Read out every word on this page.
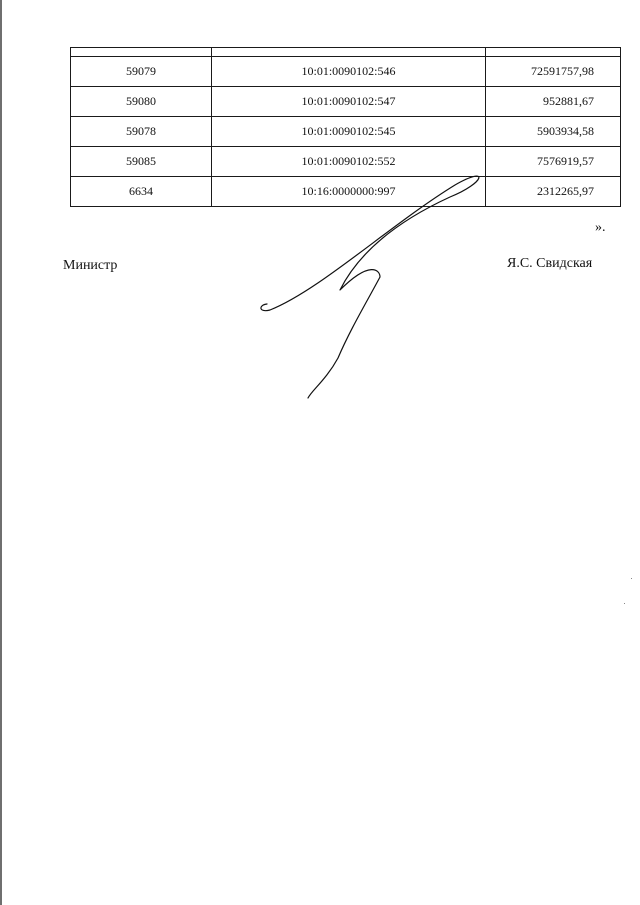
59079	10:01:0090102:546	72591757,98
59080	10:01:0090102:547	952881,67
59078	10:01:0090102:545	5903934,58
59085	10:01:0090102:552	7576919,57
6634	10:16:0000000:997	2312265,97
».
Министр	Я.С. Свидская
